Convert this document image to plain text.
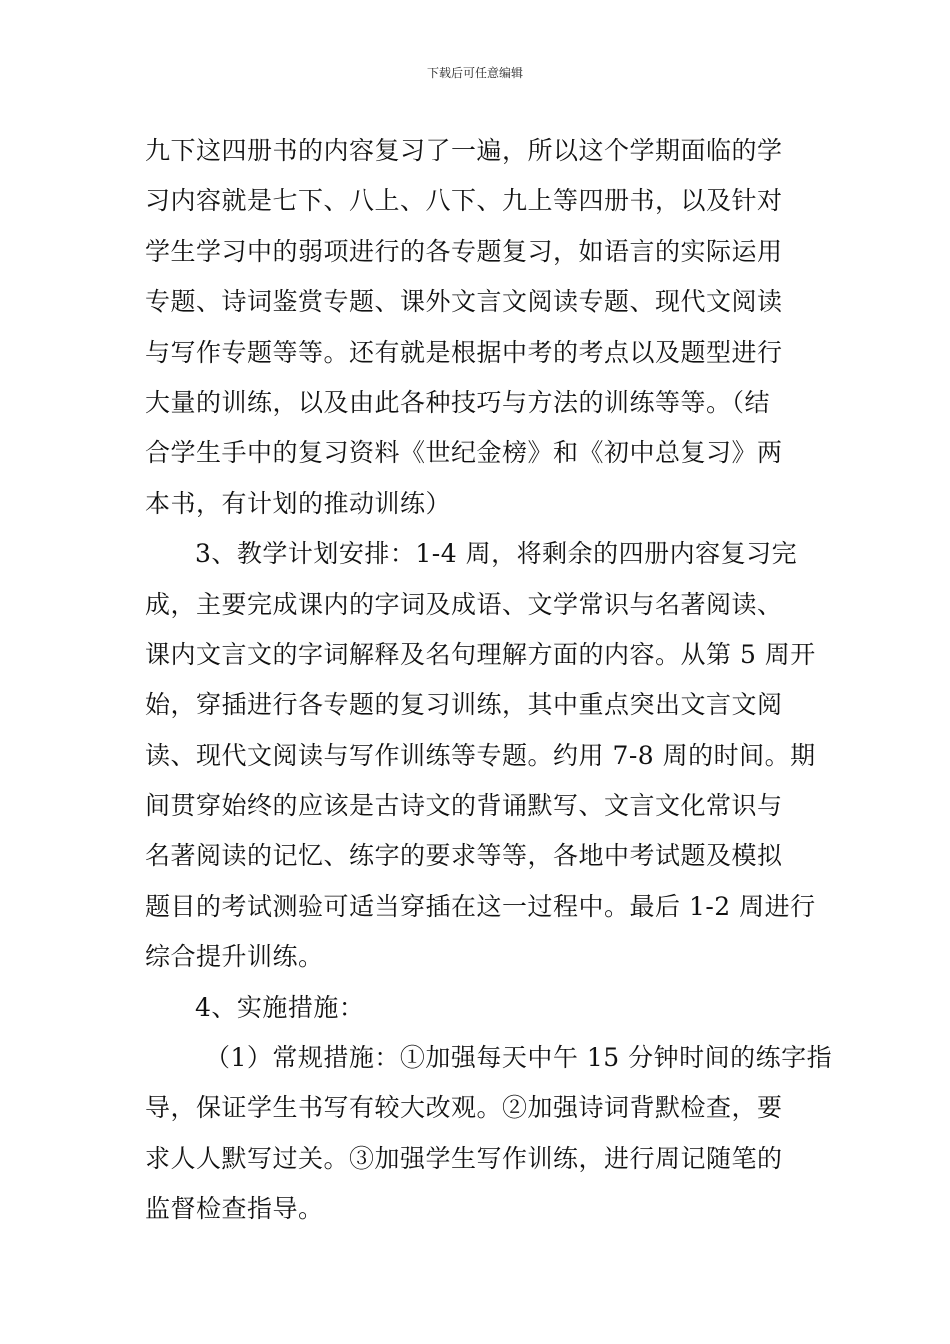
下载后可任意编辑
九下这四册书的内容复习了一遍，所以这个学期面临的学
习内容就是七下、八上、八下、九上等四册书，以及针对
学生学习中的弱项进行的各专题复习，如语言的实际运用
专题、诗词鉴赏专题、课外文言文阅读专题、现代文阅读
与写作专题等等。还有就是根据中考的考点以及题型进行
大量的训练，以及由此各种技巧与方法的训练等等。（结
合学生手中的复习资料《世纪金榜》和《初中总复习》两
本书，有计划的推动训练）
3、教学计划安排：1-4 周，将剩余的四册内容复习完
成，主要完成课内的字词及成语、文学常识与名著阅读、
课内文言文的字词解释及名句理解方面的内容。从第 5 周开
始，穿插进行各专题的复习训练，其中重点突出文言文阅
读、现代文阅读与写作训练等专题。约用 7-8 周的时间。期
间贯穿始终的应该是古诗文的背诵默写、文言文化常识与
名著阅读的记忆、练字的要求等等，各地中考试题及模拟
题目的考试测验可适当穿插在这一过程中。最后 1-2 周进行
综合提升训练。
4、实施措施：
（1）常规措施：①加强每天中午 15 分钟时间的练字指
导，保证学生书写有较大改观。②加强诗词背默检查，要
求人人默写过关。③加强学生写作训练，进行周记随笔的
监督检查指导。
